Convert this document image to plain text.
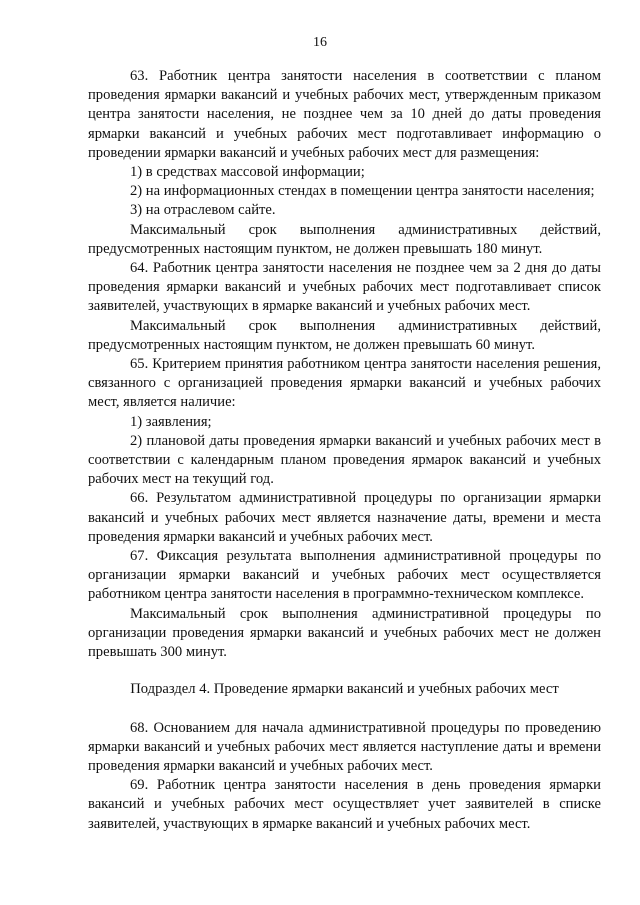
16

63. Работник центра занятости населения в соответствии с планом проведения ярмарки вакансий и учебных рабочих мест, утвержденным приказом центра занятости населения, не позднее чем за 10 дней до даты проведения ярмарки вакансий и учебных рабочих мест подготавливает информацию о проведении ярмарки вакансий и учебных рабочих мест для размещения:

1) в средствах массовой информации;

2) на информационных стендах в помещении центра занятости населения;

3) на отраслевом сайте.

Максимальный срок выполнения административных действий, предусмотренных настоящим пунктом, не должен превышать 180 минут.

64. Работник центра занятости населения не позднее чем за 2 дня до даты проведения ярмарки вакансий и учебных рабочих мест подготавливает список заявителей, участвующих в ярмарке вакансий и учебных рабочих мест.

Максимальный срок выполнения административных действий, предусмотренных настоящим пунктом, не должен превышать 60 минут.

65. Критерием принятия работником центра занятости населения решения, связанного с организацией проведения ярмарки вакансий и учебных рабочих мест, является наличие:

1) заявления;

2) плановой даты проведения ярмарки вакансий и учебных рабочих мест в соответствии с календарным планом проведения ярмарок вакансий и учебных рабочих мест на текущий год.

66. Результатом административной процедуры по организации ярмарки вакансий и учебных рабочих мест является назначение даты, времени и места проведения ярмарки вакансий и учебных рабочих мест.

67. Фиксация результата выполнения административной процедуры по организации ярмарки вакансий и учебных рабочих мест осуществляется работником центра занятости населения в программно-техническом комплексе.

Максимальный срок выполнения административной процедуры по организации проведения ярмарки вакансий и учебных рабочих мест не должен превышать 300 минут.

Подраздел 4. Проведение ярмарки вакансий и учебных рабочих мест

68. Основанием для начала административной процедуры по проведению ярмарки вакансий и учебных рабочих мест является наступление даты и времени проведения ярмарки вакансий и учебных рабочих мест.

69. Работник центра занятости населения в день проведения ярмарки вакансий и учебных рабочих мест осуществляет учет заявителей в списке заявителей, участвующих в ярмарке вакансий и учебных рабочих мест.
